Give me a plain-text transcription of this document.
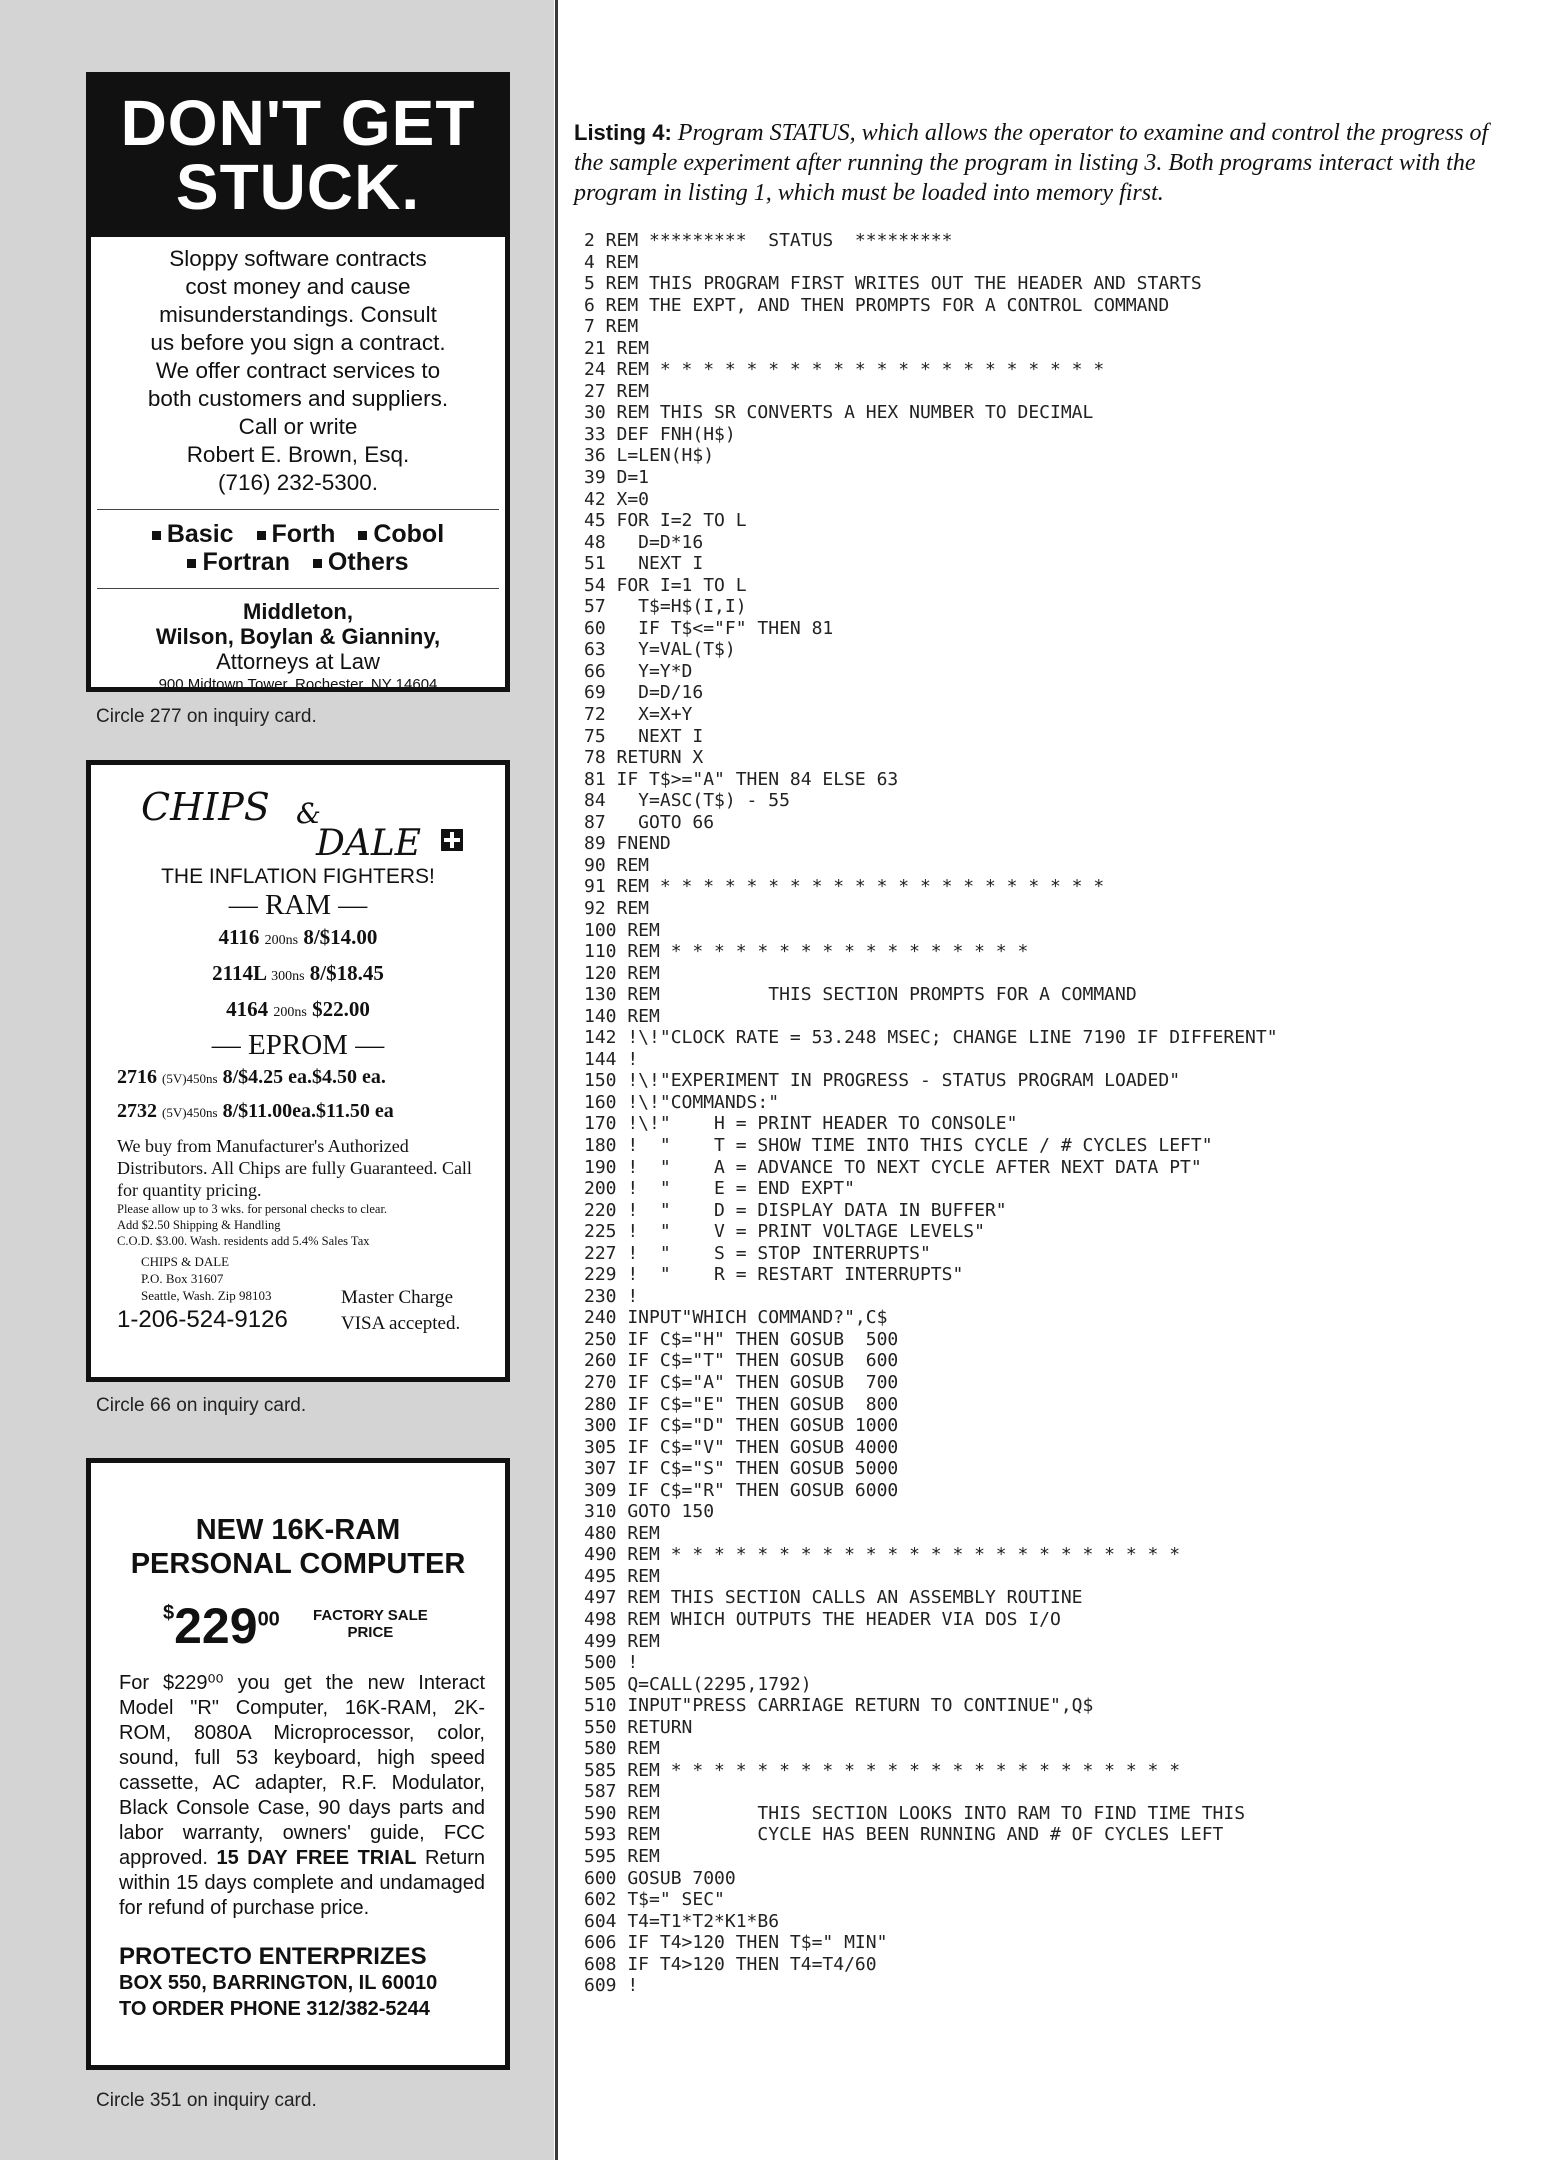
DON'T GET
STUCK.
Sloppy software contracts
cost money and cause
misunderstandings. Consult
us before you sign a contract.
We offer contract services to
both customers and suppliers.
Call or write
Robert E. Brown, Esq.
(716) 232-5300.
Basic Forth Cobol
Fortran Others
Middleton,
Wilson, Boylan & Gianniny,
Attorneys at Law
900 Midtown Tower, Rochester, NY 14604
Circle 277 on inquiry card.
CHIPS &
DALE
THE INFLATION FIGHTERS!
— RAM —
4116 200ns 8/$14.00
2114L 300ns 8/$18.45
4164 200ns $22.00
— EPROM —
2716 (5V)450ns 8/$4.25 ea.$4.50 ea.
2732 (5V)450ns 8/$11.00ea.$11.50 ea
We buy from Manufacturer's Authorized Distributors. All Chips are fully Guaranteed. Call for quantity pricing.
Please allow up to 3 wks. for personal checks to clear.
Add $2.50 Shipping & Handling
C.O.D. $3.00. Wash. residents add 5.4% Sales Tax
CHIPS & DALE
P.O. Box 31607
Seattle, Wash. Zip 98103
1-206-524-9126
Master Charge
VISA accepted.
Circle 66 on inquiry card.
NEW 16K-RAM
PERSONAL COMPUTER
$^{\$}229^{00}$ FACTORY SALE
PRICE
For $229⁰⁰ you get the new Interact Model "R" Computer, 16K-RAM, 2K-ROM, 8080A Microprocessor, color, sound, full 53 keyboard, high speed cassette, AC adapter, R.F. Modulator, Black Console Case, 90 days parts and labor warranty, owners' guide, FCC approved. 15 DAY FREE TRIAL Return within 15 days complete and undamaged for refund of purchase price.
PROTECTO ENTERPRIZES
BOX 550, BARRINGTON, IL 60010
TO ORDER PHONE 312/382-5244
Circle 351 on inquiry card.
Listing 4: Program STATUS, which allows the operator to examine and control the progress of the sample experiment after running the program in listing 3. Both programs interact with the program in listing 1, which must be loaded into memory first.
2 REM *********  STATUS  *********
4 REM
5 REM THIS PROGRAM FIRST WRITES OUT THE HEADER AND STARTS
6 REM THE EXPT, AND THEN PROMPTS FOR A CONTROL COMMAND
7 REM
21 REM
24 REM * * * * * * * * * * * * * * * * * * * * *
27 REM
30 REM THIS SR CONVERTS A HEX NUMBER TO DECIMAL
33 DEF FNH(H$)
36 L=LEN(H$)
39 D=1
42 X=0
45 FOR I=2 TO L
48   D=D*16
51   NEXT I
54 FOR I=1 TO L
57   T$=H$(I,I)
60   IF T$<="F" THEN 81
63   Y=VAL(T$)
66   Y=Y*D
69   D=D/16
72   X=X+Y
75   NEXT I
78 RETURN X
81 IF T$>="A" THEN 84 ELSE 63
84   Y=ASC(T$) - 55
87   GOTO 66
89 FNEND
90 REM
91 REM * * * * * * * * * * * * * * * * * * * * *
92 REM
100 REM
110 REM * * * * * * * * * * * * * * * * *
120 REM
130 REM          THIS SECTION PROMPTS FOR A COMMAND
140 REM
142 !\!"CLOCK RATE = 53.248 MSEC; CHANGE LINE 7190 IF DIFFERENT"
144 !
150 !\!"EXPERIMENT IN PROGRESS - STATUS PROGRAM LOADED"
160 !\!"COMMANDS:"
170 !\!"    H = PRINT HEADER TO CONSOLE"
180 !  "    T = SHOW TIME INTO THIS CYCLE / # CYCLES LEFT"
190 !  "    A = ADVANCE TO NEXT CYCLE AFTER NEXT DATA PT"
200 !  "    E = END EXPT"
220 !  "    D = DISPLAY DATA IN BUFFER"
225 !  "    V = PRINT VOLTAGE LEVELS"
227 !  "    S = STOP INTERRUPTS"
229 !  "    R = RESTART INTERRUPTS"
230 !
240 INPUT"WHICH COMMAND?",C$
250 IF C$="H" THEN GOSUB  500
260 IF C$="T" THEN GOSUB  600
270 IF C$="A" THEN GOSUB  700
280 IF C$="E" THEN GOSUB  800
300 IF C$="D" THEN GOSUB 1000
305 IF C$="V" THEN GOSUB 4000
307 IF C$="S" THEN GOSUB 5000
309 IF C$="R" THEN GOSUB 6000
310 GOTO 150
480 REM
490 REM * * * * * * * * * * * * * * * * * * * * * * * *
495 REM
497 REM THIS SECTION CALLS AN ASSEMBLY ROUTINE
498 REM WHICH OUTPUTS THE HEADER VIA DOS I/O
499 REM
500 !
505 Q=CALL(2295,1792)
510 INPUT"PRESS CARRIAGE RETURN TO CONTINUE",Q$
550 RETURN
580 REM
585 REM * * * * * * * * * * * * * * * * * * * * * * * *
587 REM
590 REM         THIS SECTION LOOKS INTO RAM TO FIND TIME THIS
593 REM         CYCLE HAS BEEN RUNNING AND # OF CYCLES LEFT
595 REM
600 GOSUB 7000
602 T$=" SEC"
604 T4=T1*T2*K1*B6
606 IF T4>120 THEN T$=" MIN"
608 IF T4>120 THEN T4=T4/60
609 !
